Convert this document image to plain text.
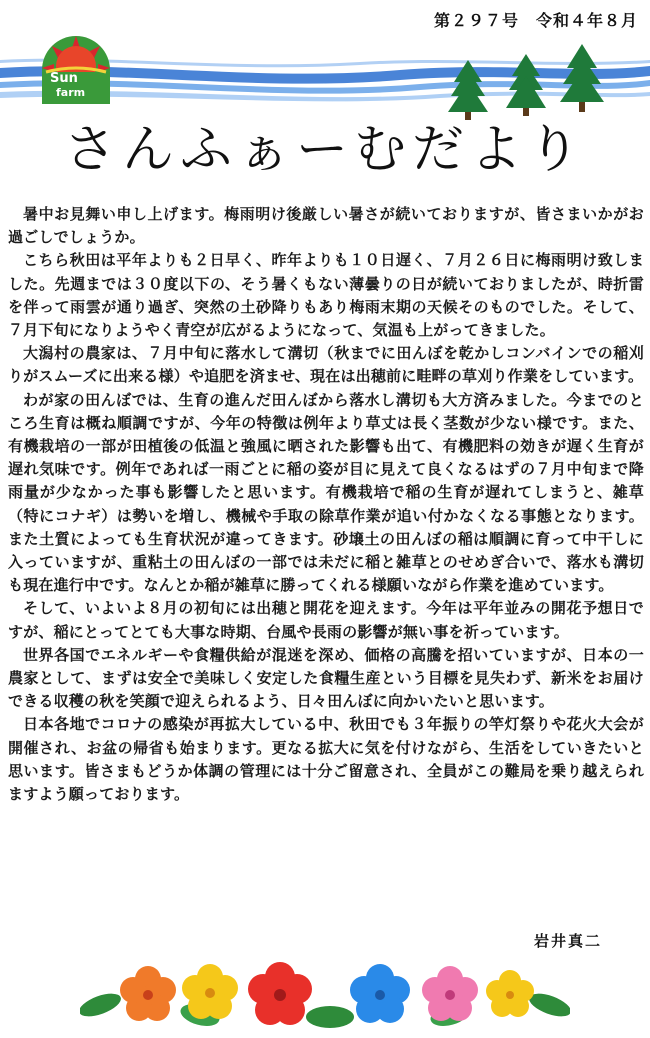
第２９７号　令和４年８月
Sun
farm
さんふぁーむだより

暑中お見舞い申し上げます。梅雨明け後厳しい暑さが続いておりますが、皆さまいかがお過ごしでしょうか。

こちら秋田は平年よりも２日早く、昨年よりも１０日遅く、７月２６日に梅雨明け致しました。先週までは３０度以下の、そう暑くもない薄曇りの日が続いておりましたが、時折雷を伴って雨雲が通り過ぎ、突然の土砂降りもあり梅雨末期の天候そのものでした。そして、７月下旬になりようやく青空が広がるようになって、気温も上がってきました。

大潟村の農家は、７月中旬に落水して溝切（秋までに田んぼを乾かしコンバインでの稲刈りがスムーズに出来る様）や追肥を済ませ、現在は出穂前に畦畔の草刈り作業をしています。

わが家の田んぼでは、生育の進んだ田んぼから落水し溝切も大方済みました。今までのところ生育は概ね順調ですが、今年の特徴は例年より草丈は長く茎数が少ない様です。また、有機栽培の一部が田植後の低温と強風に晒された影響も出て、有機肥料の効きが遅く生育が遅れ気味です。例年であれば一雨ごとに稲の姿が目に見えて良くなるはずの７月中旬まで降雨量が少なかった事も影響したと思います。有機栽培で稲の生育が遅れてしまうと、雑草（特にコナギ）は勢いを増し、機械や手取の除草作業が追い付かなくなる事態となります。また土質によっても生育状況が違ってきます。砂壌土の田んぼの稲は順調に育って中干しに入っていますが、重粘土の田んぼの一部では未だに稲と雑草とのせめぎ合いで、落水も溝切も現在進行中です。なんとか稲が雑草に勝ってくれる様願いながら作業を進めています。

そして、いよいよ８月の初旬には出穂と開花を迎えます。今年は平年並みの開花予想日ですが、稲にとってとても大事な時期、台風や長雨の影響が無い事を祈っています。

世界各国でエネルギーや食糧供給が混迷を深め、価格の高騰を招いていますが、日本の一農家として、まずは安全で美味しく安定した食糧生産という目標を見失わず、新米をお届けできる収穫の秋を笑顔で迎えられるよう、日々田んぼに向かいたいと思います。

日本各地でコロナの感染が再拡大している中、秋田でも３年振りの竿灯祭りや花火大会が開催され、お盆の帰省も始まります。更なる拡大に気を付けながら、生活をしていきたいと思います。皆さまもどうか体調の管理には十分ご留意され、全員がこの難局を乗り越えられますよう願っております。

岩井真二
